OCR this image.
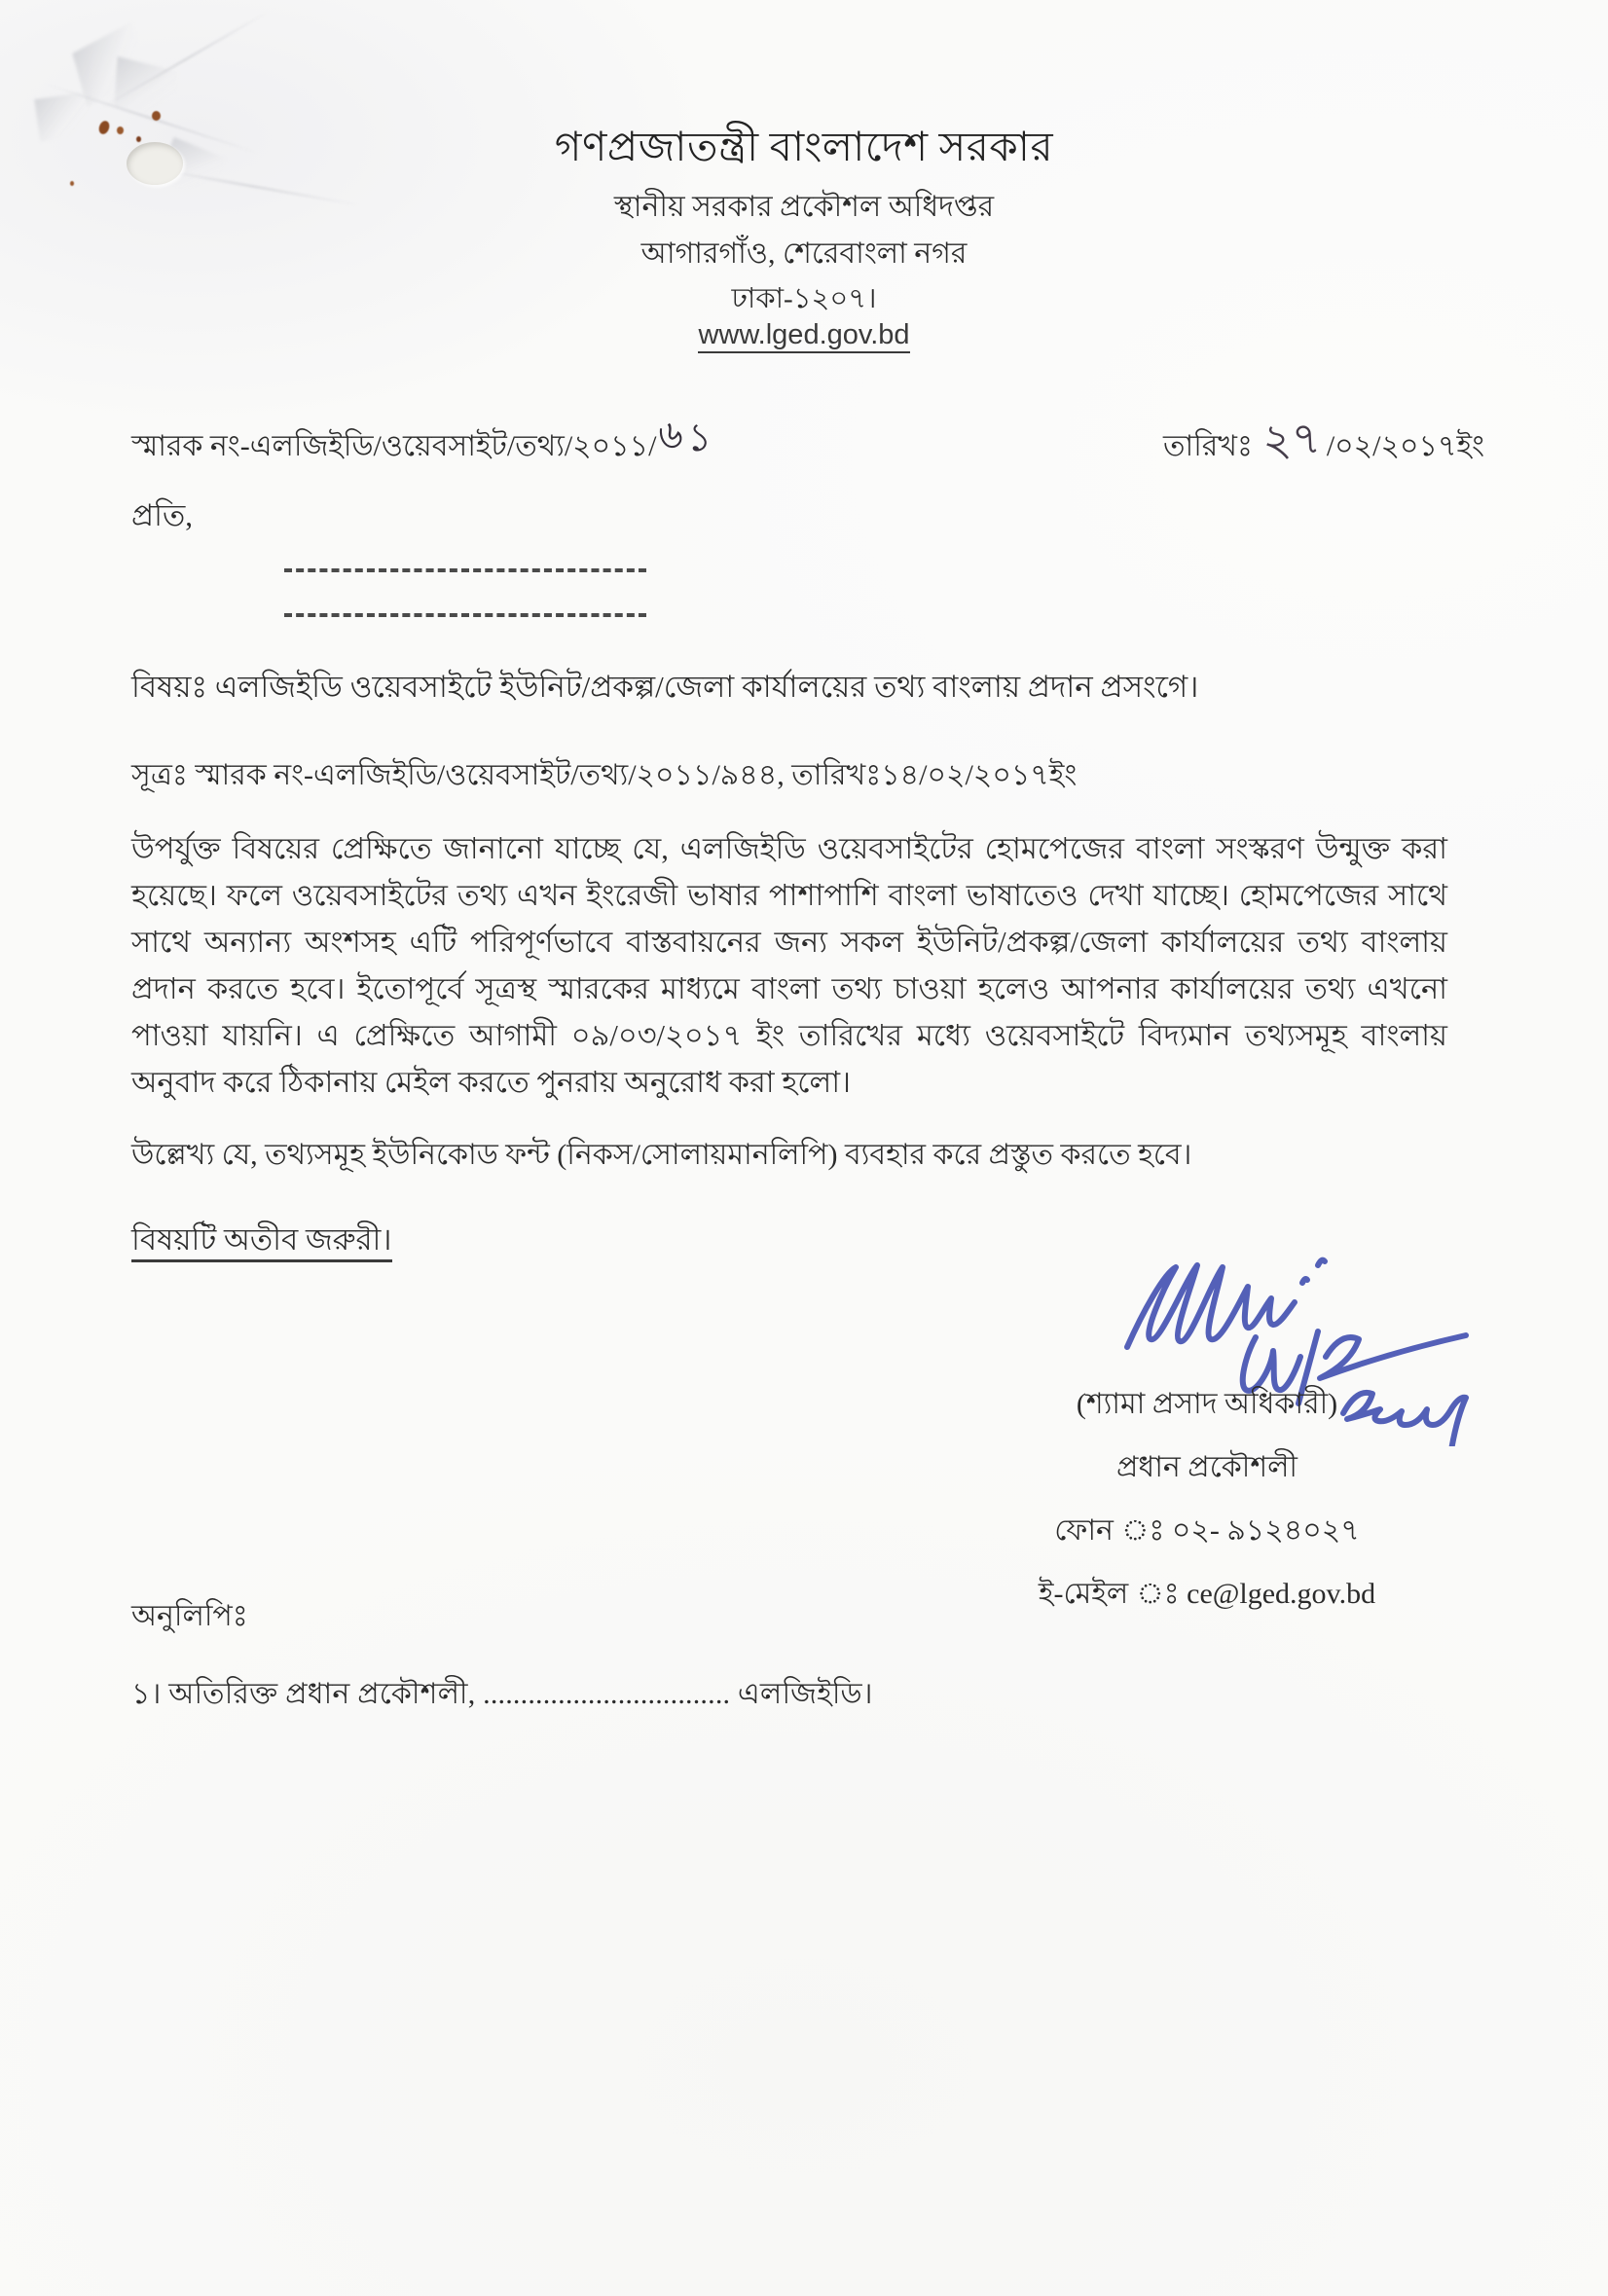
গণপ্রজাতন্ত্রী বাংলাদেশ সরকার
স্থানীয় সরকার প্রকৌশল অধিদপ্তর
আগারগাঁও, শেরেবাংলা নগর
ঢাকা-১২০৭।
www.lged.gov.bd
স্মারক নং-এলজিইডি/ওয়েবসাইট/তথ্য/২০১১/ ৬১	তারিখঃ ২৭ /০২/২০১৭ইং
প্রতি,
বিষয়ঃ এলজিইডি ওয়েবসাইটে ইউনিট/প্রকল্প/জেলা কার্যালয়ের তথ্য বাংলায় প্রদান প্রসংগে।
সূত্রঃ স্মারক নং-এলজিইডি/ওয়েবসাইট/তথ্য/২০১১/৯৪৪, তারিখঃ১৪/০২/২০১৭ইং
উপর্যুক্ত বিষয়ের প্রেক্ষিতে জানানো যাচ্ছে যে, এলজিইডি ওয়েবসাইটের হোমপেজের বাংলা সংস্করণ উন্মুক্ত করা হয়েছে। ফলে ওয়েবসাইটের তথ্য এখন ইংরেজী ভাষার পাশাপাশি বাংলা ভাষাতেও দেখা যাচ্ছে। হোমপেজের সাথে সাথে অন্যান্য অংশসহ এটি পরিপূর্ণভাবে বাস্তবায়নের জন্য সকল ইউনিট/প্রকল্প/জেলা কার্যালয়ের তথ্য বাংলায় প্রদান করতে হবে। ইতোপূর্বে সূত্রস্থ স্মারকের মাধ্যমে বাংলা তথ্য চাওয়া হলেও আপনার কার্যালয়ের তথ্য এখনো পাওয়া যায়নি। এ প্রেক্ষিতে আগামী ০৯/০৩/২০১৭ ইং তারিখের মধ্যে ওয়েবসাইটে বিদ্যমান তথ্যসমূহ বাংলায় অনুবাদ করে ঠিকানায় মেইল করতে পুনরায় অনুরোধ করা হলো।
উল্লেখ্য যে, তথ্যসমূহ ইউনিকোড ফন্ট (নিকস/সোলায়মানলিপি) ব্যবহার করে প্রস্তুত করতে হবে।
বিষয়টি অতীব জরুরী।
(শ্যামা প্রসাদ অধিকারী)
প্রধান প্রকৌশলী
ফোন ঃ ০২- ৯১২৪০২৭
ই-মেইল ঃ ce@lged.gov.bd
অনুলিপিঃ
১। অতিরিক্ত প্রধান প্রকৌশলী, ................................. এলজিইডি।
